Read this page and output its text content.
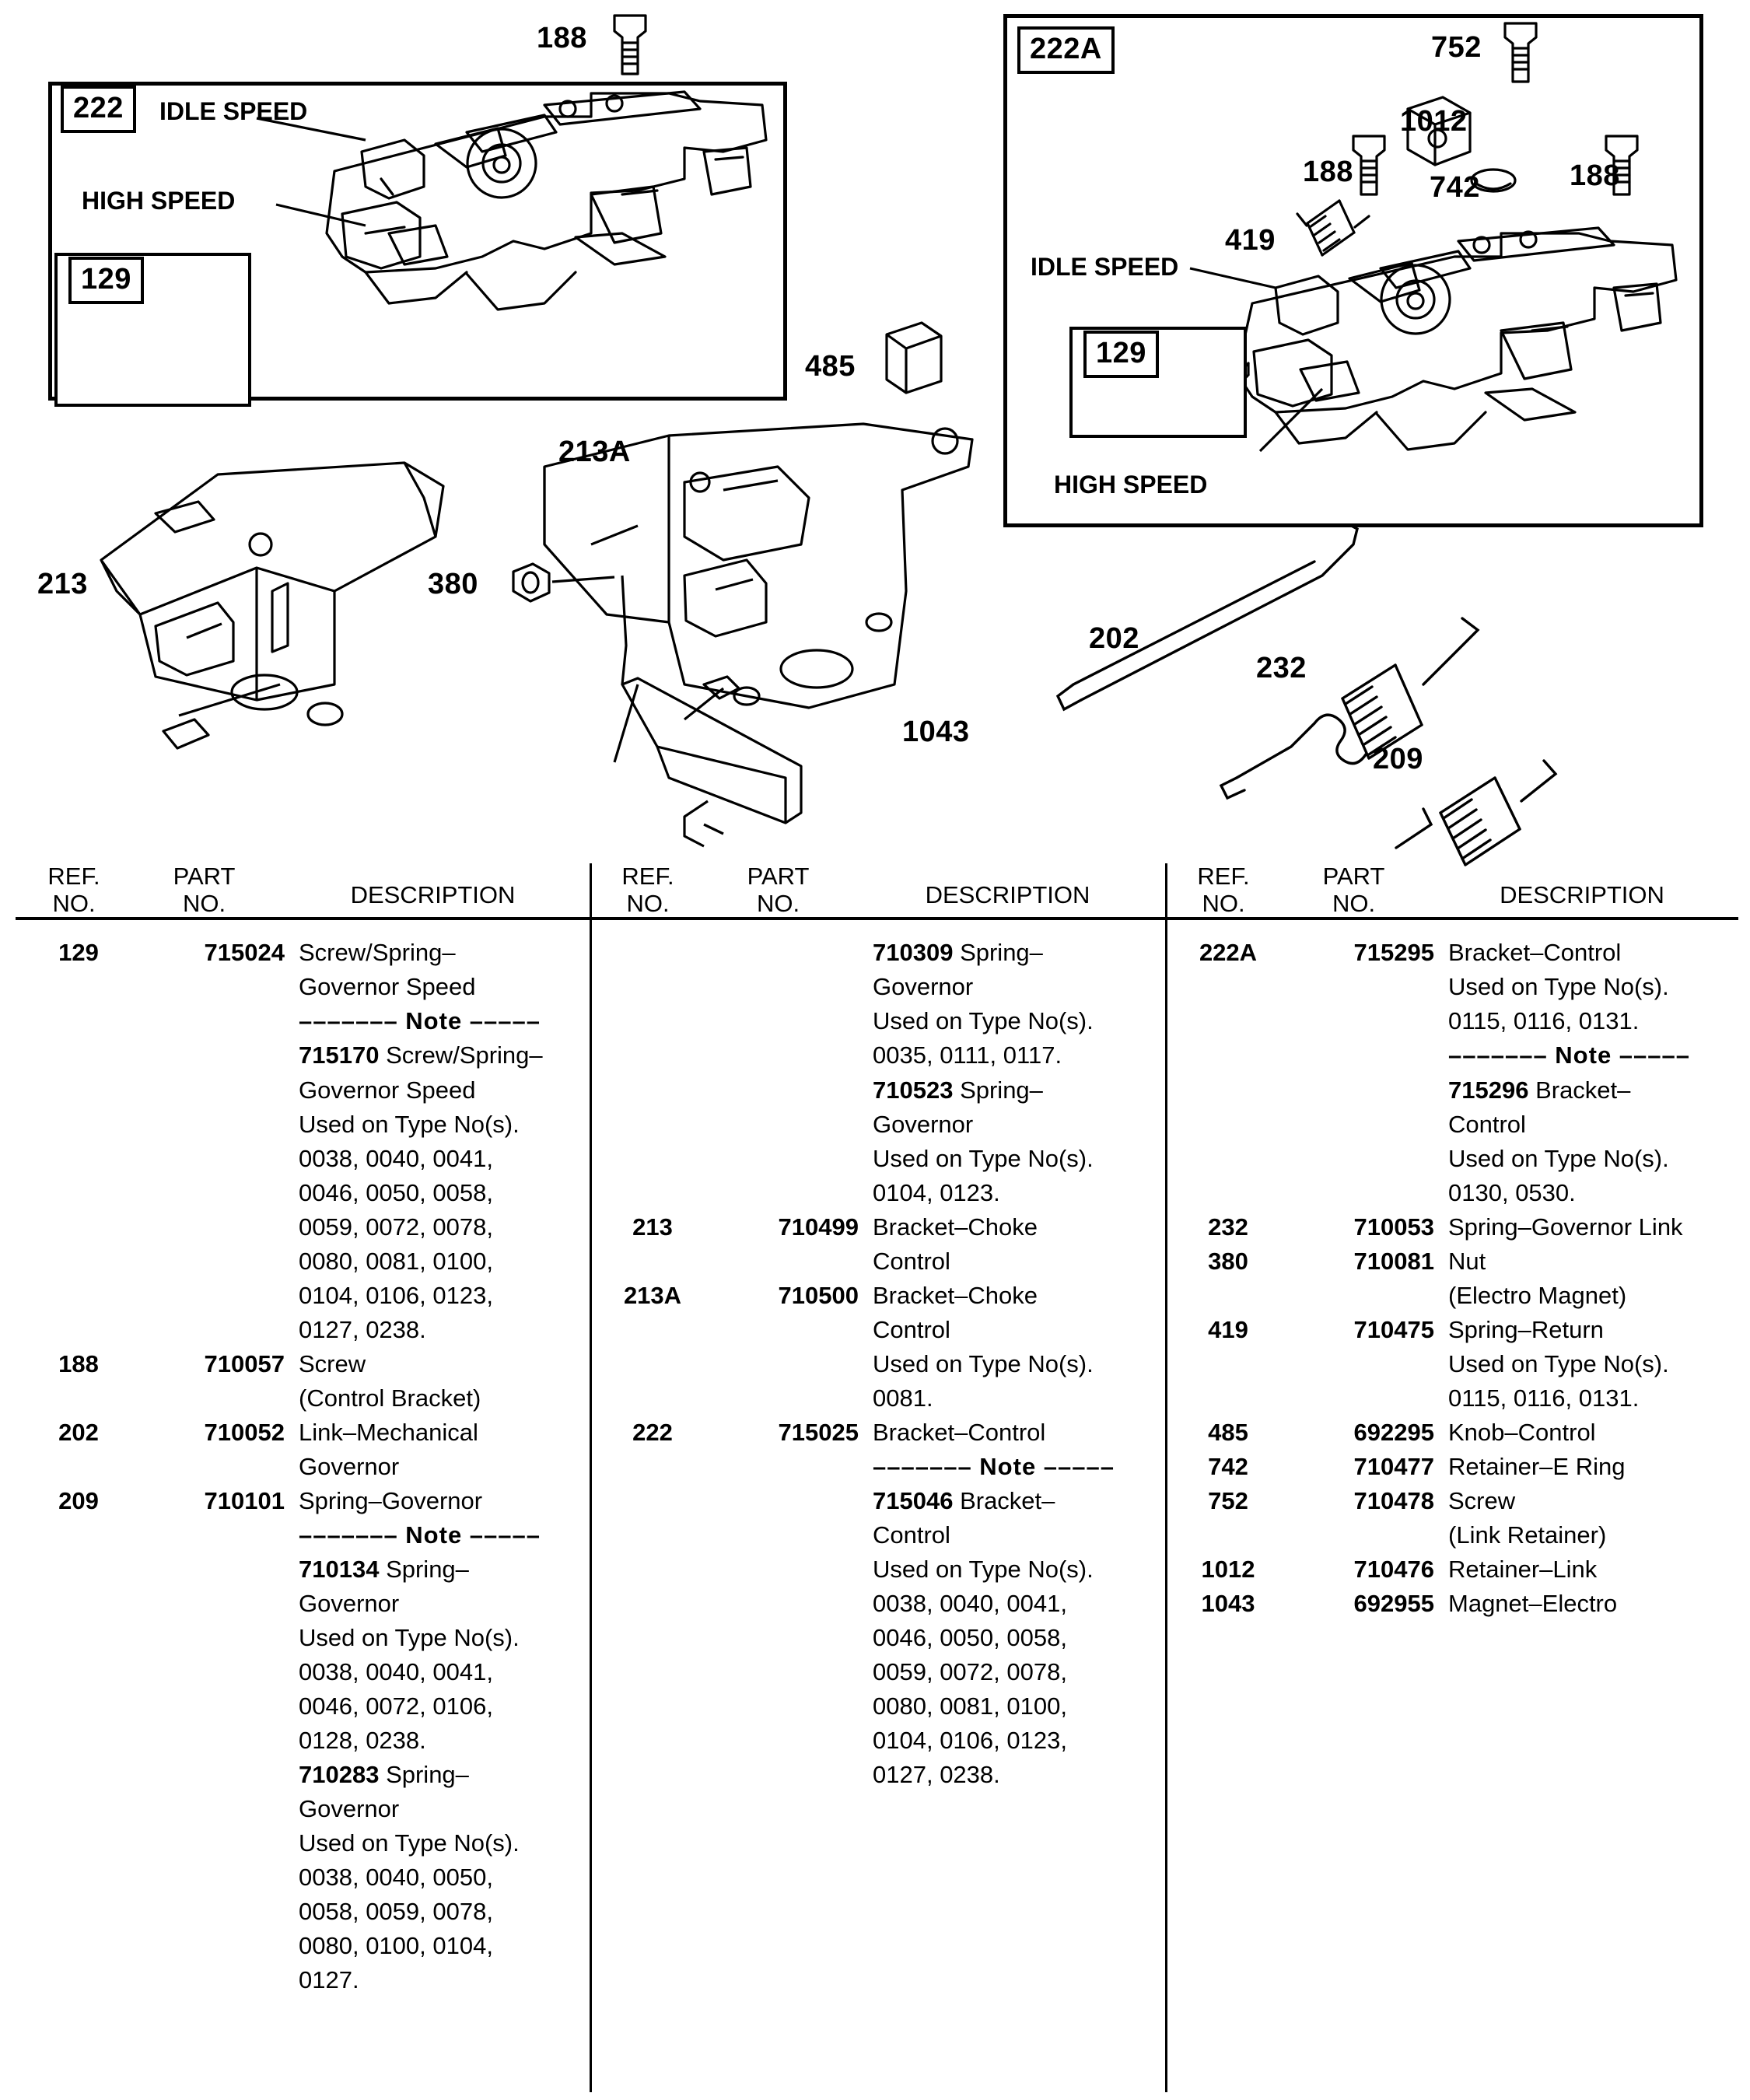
188
222	IDLE SPEED
HIGH SPEED
129
485
213A
213	380
1043
202
232
209
222A	752
1012
188	742	188
419
IDLE SPEED
129
HIGH SPEED
REF.
NO.
PART
NO.	DESCRIPTION

REF.
NO.
PART
NO.	DESCRIPTION

REF.
NO.
PART
NO.	DESCRIPTION

129	715024 Screw/Spring–
Governor Speed
––––––– Note –––––
715170 Screw/Spring–
Governor Speed
Used on Type No(s).
0038, 0040, 0041,
0046, 0050, 0058,
0059, 0072, 0078,
0080, 0081, 0100,
0104, 0106, 0123,
0127, 0238.
188	710057 Screw
(Control Bracket)
202	710052 Link–Mechanical
Governor
209	710101 Spring–Governor
––––––– Note –––––
710134 Spring–
Governor
Used on Type No(s).
0038, 0040, 0041,
0046, 0072, 0106,
0128, 0238.
710283 Spring–
Governor
Used on Type No(s).
0038, 0040, 0050,
0058, 0059, 0078,
0080, 0100, 0104,
0127.

710309 Spring–
Governor
Used on Type No(s).
0035, 0111, 0117.
710523 Spring–
Governor
Used on Type No(s).
0104, 0123.
213	710499 Bracket–Choke
Control
213A	710500 Bracket–Choke
Control
Used on Type No(s).
0081.
222	715025 Bracket–Control
––––––– Note –––––
715046 Bracket–
Control
Used on Type No(s).
0038, 0040, 0041,
0046, 0050, 0058,
0059, 0072, 0078,
0080, 0081, 0100,
0104, 0106, 0123,
0127, 0238.

222A	715295 Bracket–Control
Used on Type No(s).
0115, 0116, 0131.
––––––– Note –––––
715296 Bracket–
Control
Used on Type No(s).
0130, 0530.
232	710053 Spring–Governor Link
380	710081 Nut
(Electro Magnet)
419	710475 Spring–Return
Used on Type No(s).
0115, 0116, 0131.
485	692295 Knob–Control
742	710477 Retainer–E Ring
752	710478 Screw
(Link Retainer)
1012	710476 Retainer–Link
1043	692955 Magnet–Electro
